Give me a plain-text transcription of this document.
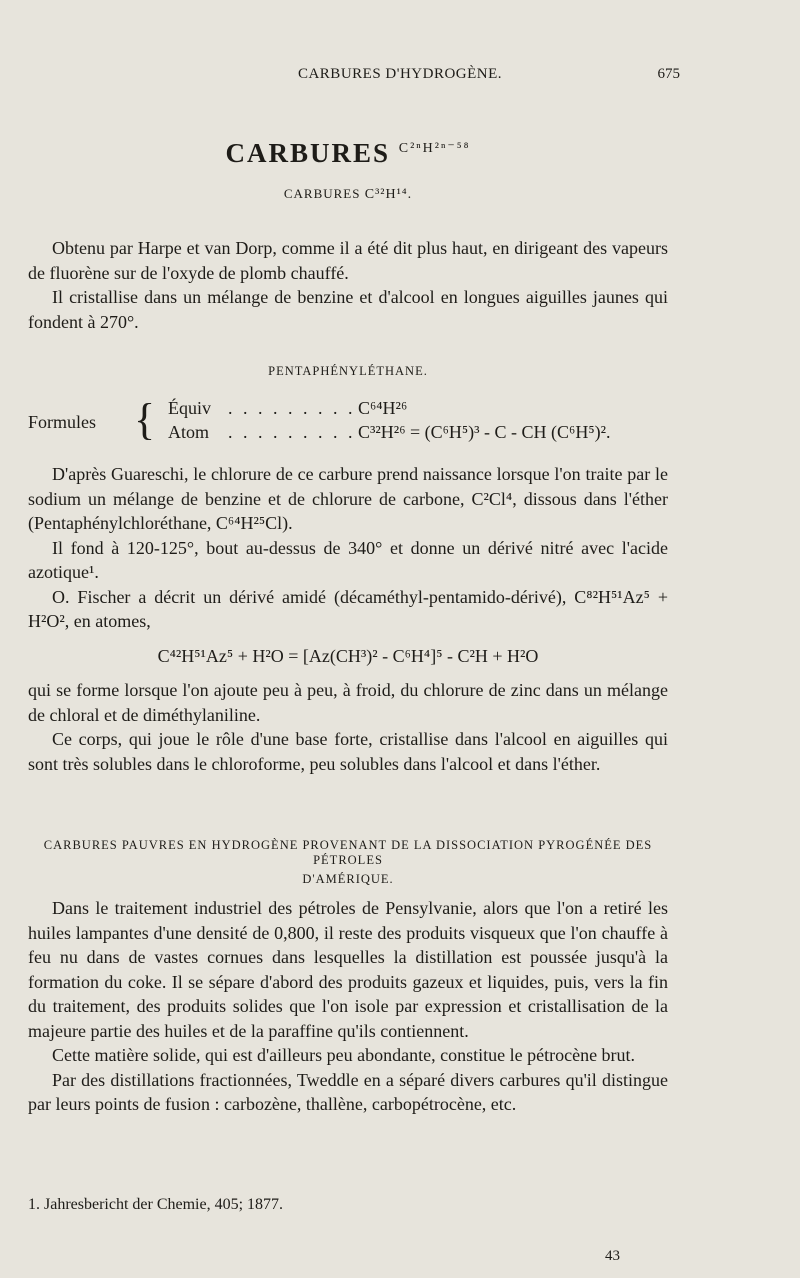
CARBURES D'HYDROGÈNE.	675
CARBURES $^{C^{2n}H^{2n-58}}$
CARBURES C³²H¹⁴.

Obtenu par Harpe et van Dorp, comme il a été dit plus haut, en dirigeant des vapeurs de fluorène sur de l'oxyde de plomb chauffé.

Il cristallise dans un mélange de benzine et d'alcool en longues aiguilles jaunes qui fondent à 270°.

PENTAPHÉNYLÉTHANE.
Formules { Équiv . . . . . . . . . C⁶⁴H²⁶
Atom . . . . . . . . . C³²H²⁶ = (C⁶H⁵)³ - C - CH (C⁶H⁵)².

D'après Guareschi, le chlorure de ce carbure prend naissance lorsque l'on traite par le sodium un mélange de benzine et de chlorure de carbone, C²Cl⁴, dissous dans l'éther (Pentaphénylchloréthane, C⁶⁴H²⁵Cl).

Il fond à 120-125°, bout au-dessus de 340° et donne un dérivé nitré avec l'acide azotique¹.

O. Fischer a décrit un dérivé amidé (décaméthyl-pentamido-dérivé), C⁸²H⁵¹Az⁵ + H²O², en atomes,

C⁴²H⁵¹Az⁵ + H²O = [Az(CH³)² - C⁶H⁴]⁵ - C²H + H²O

qui se forme lorsque l'on ajoute peu à peu, à froid, du chlorure de zinc dans un mélange de chloral et de diméthylaniline.

Ce corps, qui joue le rôle d'une base forte, cristallise dans l'alcool en aiguilles qui sont très solubles dans le chloroforme, peu solubles dans l'alcool et dans l'éther.

CARBURES PAUVRES EN HYDROGÈNE PROVENANT DE LA DISSOCIATION PYROGÉNÉE DES PÉTROLES
D'AMÉRIQUE.

Dans le traitement industriel des pétroles de Pensylvanie, alors que l'on a retiré les huiles lampantes d'une densité de 0,800, il reste des produits visqueux que l'on chauffe à feu nu dans de vastes cornues dans lesquelles la distillation est poussée jusqu'à la formation du coke. Il se sépare d'abord des produits gazeux et liquides, puis, vers la fin du traitement, des produits solides que l'on isole par expression et cristallisation de la majeure partie des huiles et de la paraffine qu'ils contiennent.

Cette matière solide, qui est d'ailleurs peu abondante, constitue le pétrocène brut.

Par des distillations fractionnées, Tweddle en a séparé divers carbures qu'il distingue par leurs points de fusion : carbozène, thallène, carbopétrocène, etc.

1. Jahresbericht der Chemie, 405; 1877.
43
